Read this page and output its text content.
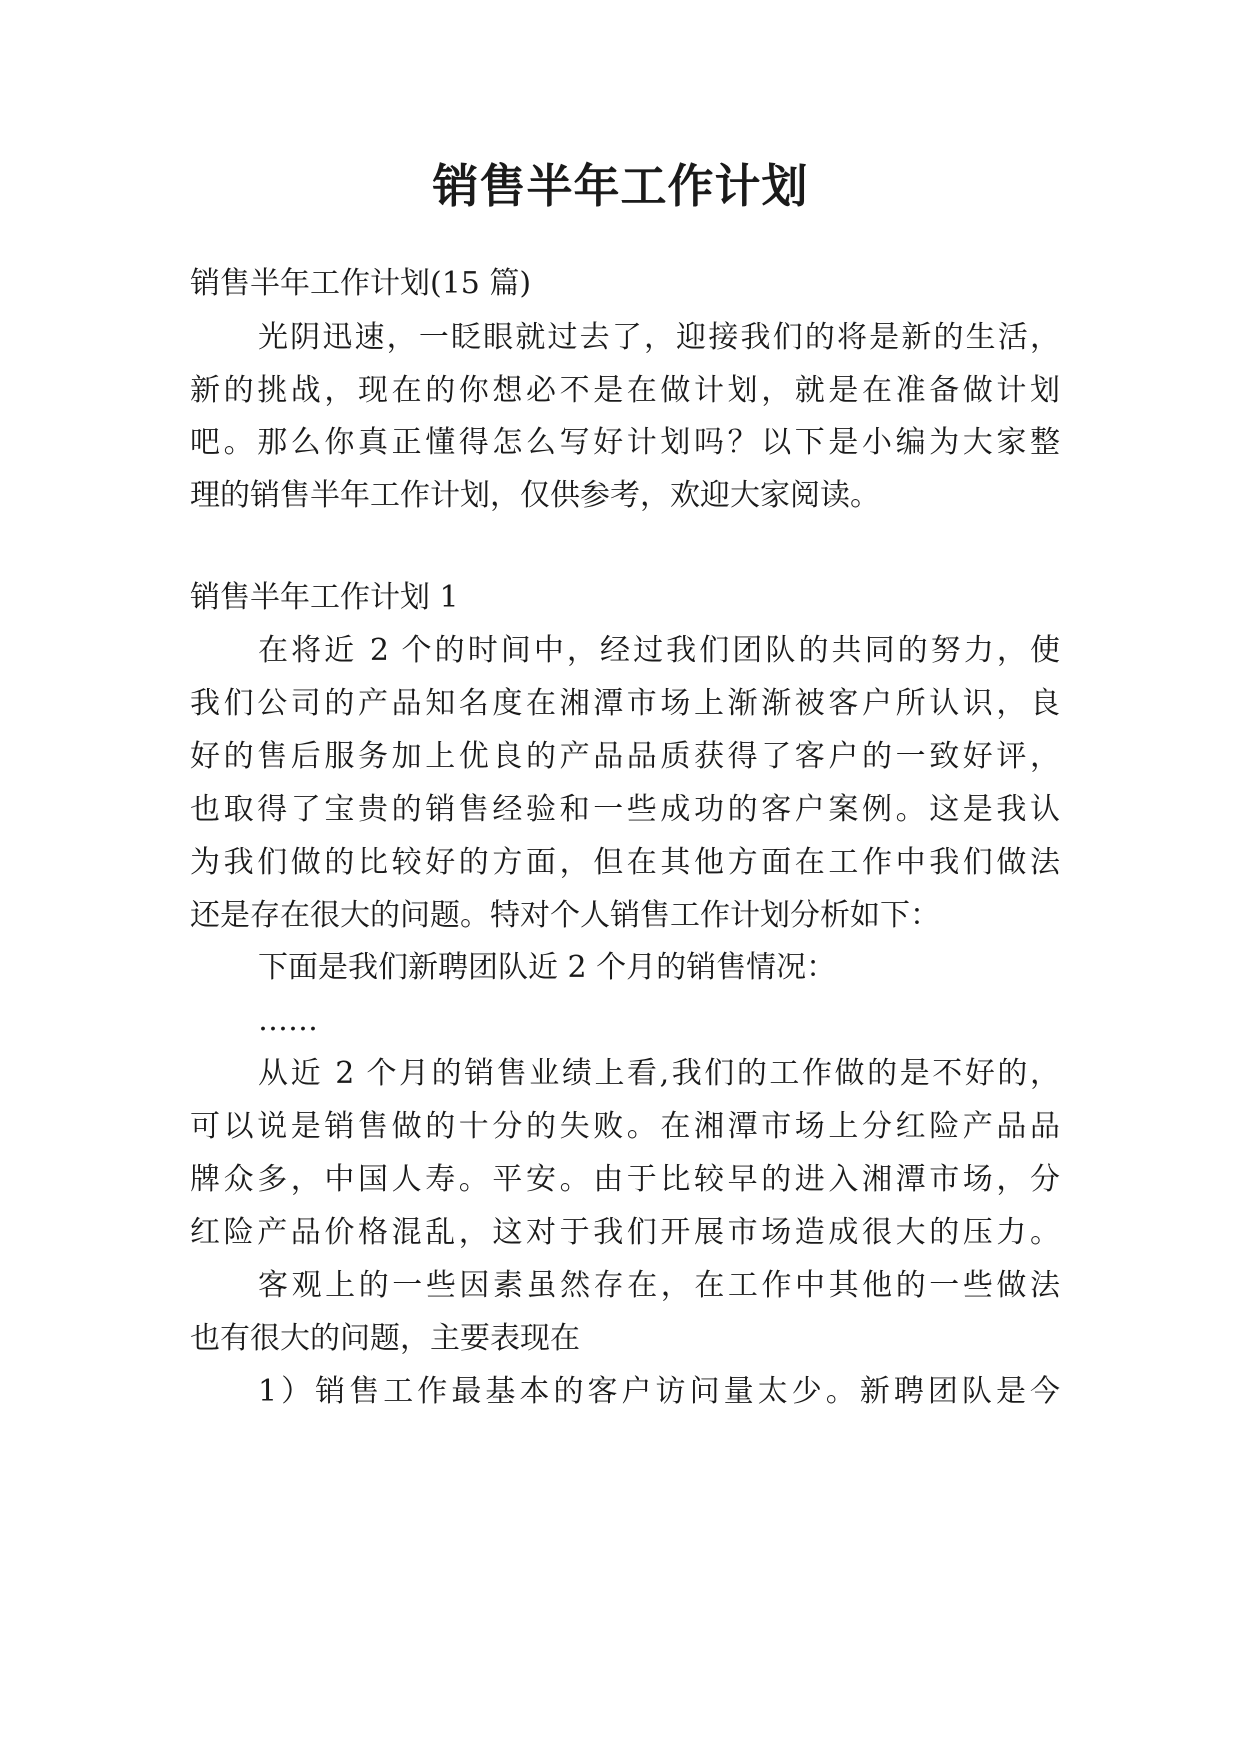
销售半年工作计划
销售半年工作计划(15 篇)
光阴迅速，一眨眼就过去了，迎接我们的将是新的生活，
新的挑战，现在的你想必不是在做计划，就是在准备做计划
吧。那么你真正懂得怎么写好计划吗？以下是小编为大家整
理的销售半年工作计划，仅供参考，欢迎大家阅读。
销售半年工作计划 1
在将近 2 个的时间中，经过我们团队的共同的努力，使
我们公司的产品知名度在湘潭市场上渐渐被客户所认识，良
好的售后服务加上优良的产品品质获得了客户的一致好评，
也取得了宝贵的销售经验和一些成功的客户案例。这是我认
为我们做的比较好的方面，但在其他方面在工作中我们做法
还是存在很大的问题。特对个人销售工作计划分析如下：
下面是我们新聘团队近 2 个月的销售情况：
……
从近 2 个月的销售业绩上看,我们的工作做的是不好的，
可以说是销售做的十分的失败。在湘潭市场上分红险产品品
牌众多，中国人寿。平安。由于比较早的进入湘潭市场，分
红险产品价格混乱，这对于我们开展市场造成很大的压力。
客观上的一些因素虽然存在，在工作中其他的一些做法
也有很大的问题，主要表现在
1）销售工作最基本的客户访问量太少。新聘团队是今
